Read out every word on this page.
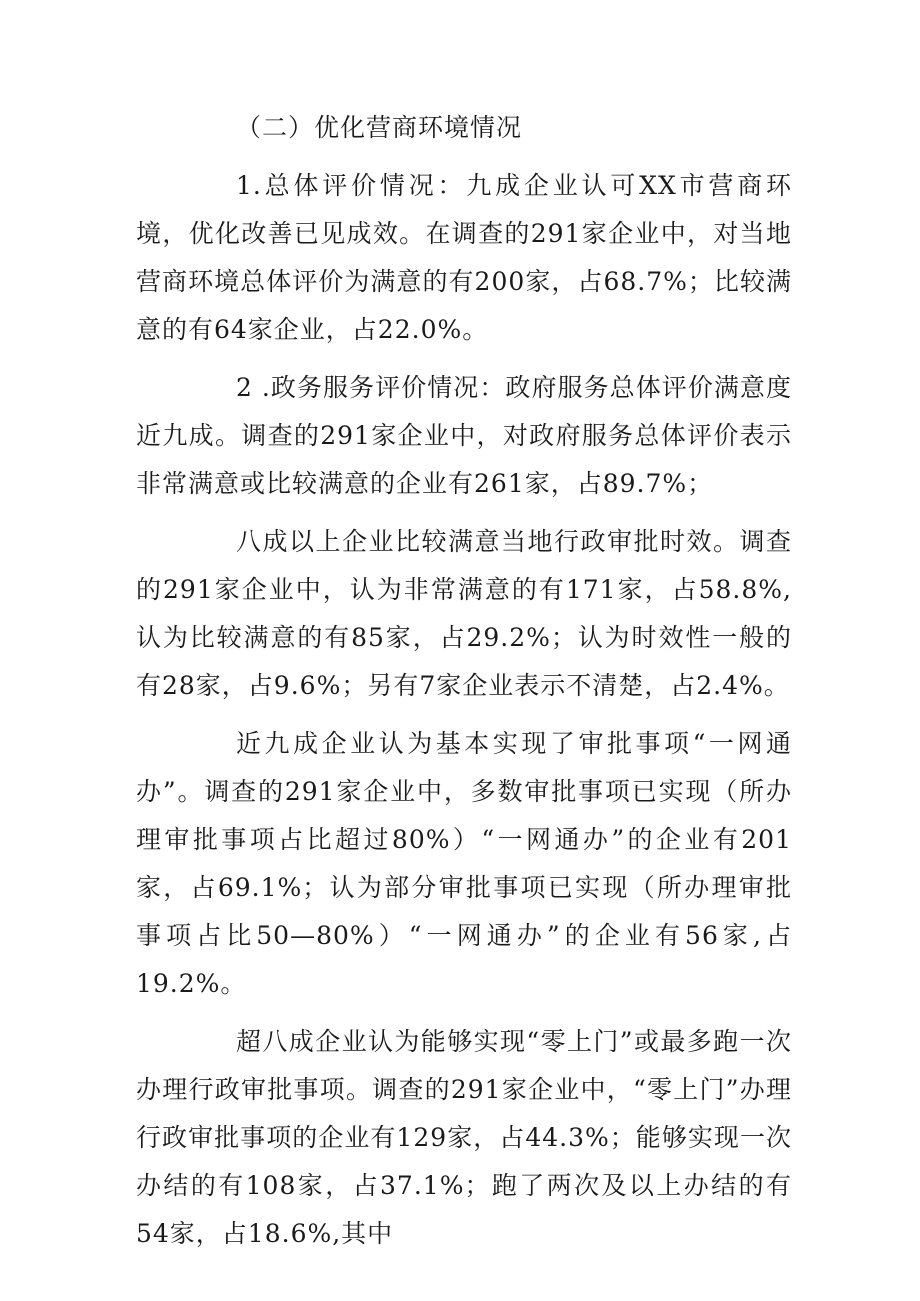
（二）优化营商环境情况

1.总体评价情况：九成企业认可XX市营商环境，优化改善已见成效。在调查的291家企业中，对当地营商环境总体评价为满意的有200家，占68.7%；比较满意的有64家企业，占22.0%。

2 .政务服务评价情况：政府服务总体评价满意度近九成。调查的291家企业中，对政府服务总体评价表示非常满意或比较满意的企业有261家，占89.7%；

八成以上企业比较满意当地行政审批时效。调查的291家企业中，认为非常满意的有171家，占58.8%,认为比较满意的有85家，占29.2%；认为时效性一般的有28家，占9.6%；另有7家企业表示不清楚，占2.4%。

近九成企业认为基本实现了审批事项“一网通办”。调查的291家企业中，多数审批事项已实现（所办理审批事项占比超过80%）“一网通办”的企业有201家，占69.1%；认为部分审批事项已实现（所办理审批事项占比50—80%）“一网通办”的企业有56家,占19.2%。

超八成企业认为能够实现“零上门”或最多跑一次办理行政审批事项。调查的291家企业中，“零上门”办理行政审批事项的企业有129家，占44.3%；能够实现一次办结的有108家，占37.1%；跑了两次及以上办结的有54家，占18.6%,其中
